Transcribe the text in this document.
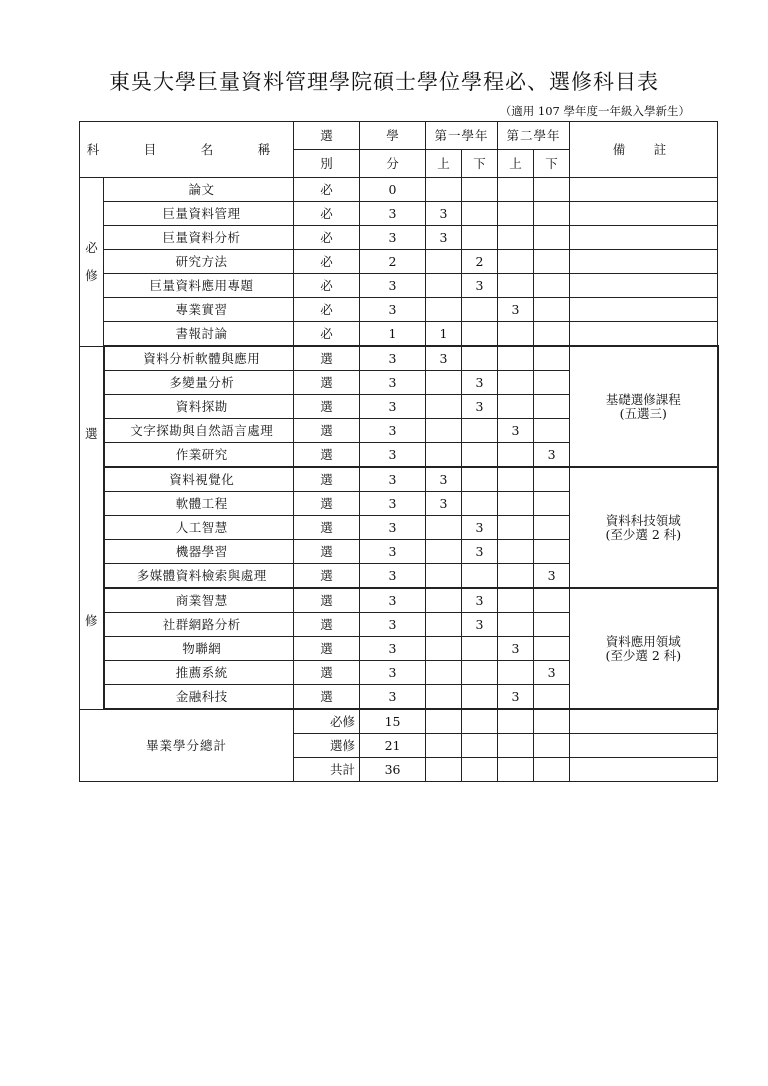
東吳大學巨量資料管理學院碩士學位學程必、選修科目表
（適用 107 學年度一年級入學新生）
科　目　名　稱		選	學	第一學年		第二學年		備　註
		別	分	上	下	上	下	
必

修	論文	必	0					
	巨量資料管理	必	3	3				
	巨量資料分析	必	3	3				
	研究方法	必	2		2			
	巨量資料應用專題	必	3		3			
	專業實習	必	3			3		
	書報討論	必	1	1				

選
修	資料分析軟體與應用	選	3	3				基礎選修課程
(五選三)
	多變量分析	選	3		3			
	資料探勘	選	3		3			
	文字探勘與自然語言處理	選	3			3		
	作業研究	選	3				3	
	資料視覺化	選	3	3				資料科技領域
(至少選 2 科)
	軟體工程	選	3	3				
	人工智慧	選	3		3			
	機器學習	選	3		3			
	多媒體資料檢索與處理	選	3				3	
	商業智慧	選	3		3			資料應用領域
(至少選 2 科)
	社群網路分析	選	3		3			
	物聯網	選	3			3		
	推薦系統	選	3				3	
	金融科技	選	3			3		
畢業學分總計		必修	15					
		選修	21					
		共計	36					
